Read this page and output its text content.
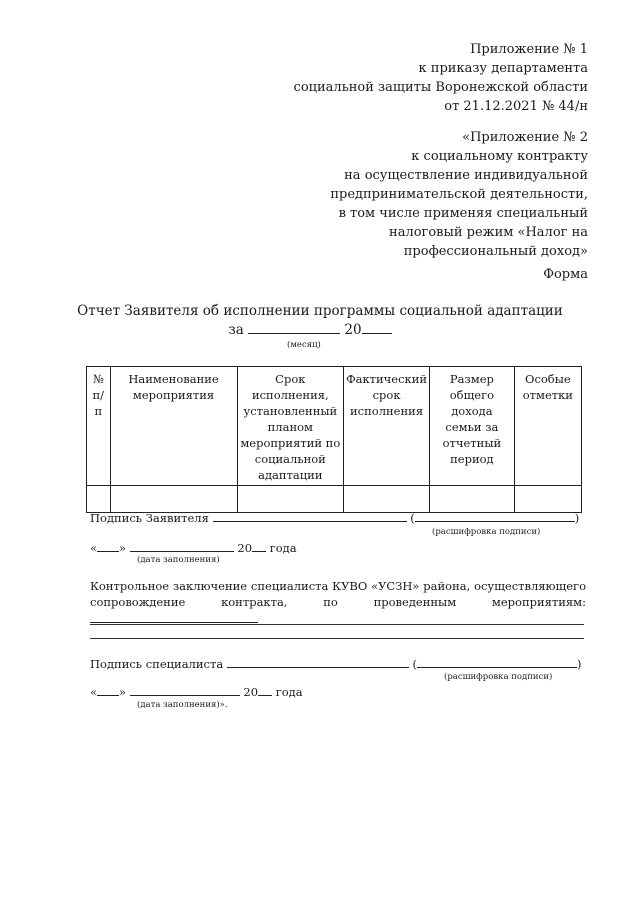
Приложение № 1
к приказу департамента
социальной защиты Воронежской области
от 21.12.2021 № 44/н
«Приложение № 2
к социальному контракту
на осуществление индивидуальной
предпринимательской деятельности,
в том числе применяя специальный
налоговый режим «Налог на
профессиональный доход»
Форма
Отчет Заявителя об исполнении программы социальной адаптации
за	20
(месяц)
№ п/п	Наименование мероприятия	Срок исполнения, установленный планом мероприятий по социальной адаптации	Фактический срок исполнения	Размер общего дохода семьи за отчетный период	Особые отметки

Подпись Заявителя	(	)
(расшифровка подписи)
« »	20 года
(дата заполнения)
Контрольное заключение специалиста КУВО «УСЗН» района, осуществляющего сопровождение контракта, по проведенным мероприятиям:
Подпись специалиста	(	)
(расшифровка подписи)
« »	20 года
(дата заполнения)».
